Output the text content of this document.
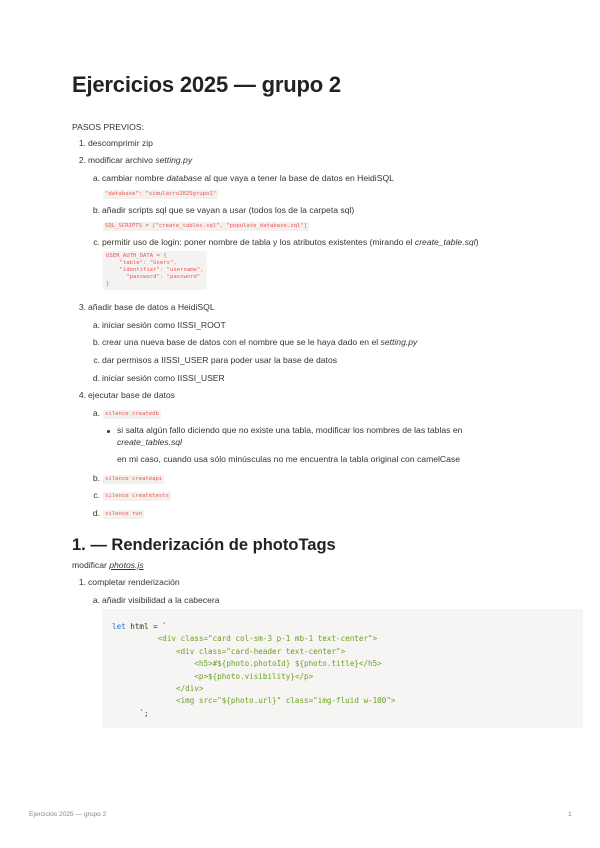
Ejercicios 2025 — grupo 2
PASOS PREVIOS:
1. descomprimir zip
2. modificar archivo setting.py
a. cambiar nombre database al que vaya a tener la base de datos en HeidiSQL
"database": "simulacro2025grupo1"
b. añadir scripts sql que se vayan a usar (todos los de la carpeta sql)
SQL_SCRIPTS = ["create_tables.sql", "populate_database.sql"]
c. permitir uso de login: poner nombre de tabla y los atributos existentes (mirando el create_table.sql)
USER_AUTH_DATA = {
"table": "Users",
"identifier": "username",
"password": "password"
}
3. añadir base de datos a HeidiSQL
a. iniciar sesión como IISSI_ROOT
b. crear una nueva base de datos con el nombre que se le haya dado en el setting.py
c. dar permisos a IISSI_USER para poder usar la base de datos
d. iniciar sesión como IISSI_USER
4. ejecutar base de datos
a. silence createdb
si salta algún fallo diciendo que no existe una tabla, modificar los nombres de las tablas en
create_tables.sql
en mi caso, cuando usa sólo minúsculas no me encuentra la tabla original con camelCase
b. silence createapi
c. silence createtests
d. silence run
1. — Renderización de photoTags
modificar photos.js
1. completar renderización
a. añadir visibilidad a la cabecera
let html = `
<div class="card col-sm-3 p-1 mb-1 text-center">
<div class="card-header text-center">
<h5>#${photo.photoId} ${photo.title}</h5>
<p>${photo.visibility}</p>
</div>
<img src="${photo.url}" class="img-fluid w-100">
`;
Ejercicios 2025 — grupo 2	1
